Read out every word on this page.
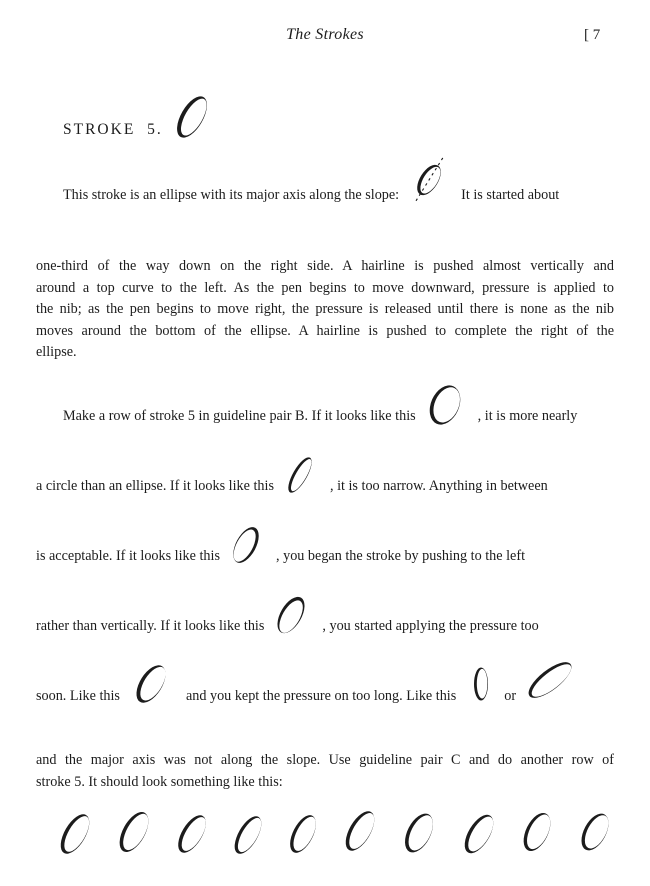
The Strokes	[ 7
STROKE 5.
This stroke is an ellipse with its major axis along the slope:	It is started about
one-third of the way down on the right side. A hairline is pushed almost vertically and
around a top curve to the left. As the pen begins to move downward, pressure is applied to
the nib; as the pen begins to move right, the pressure is released until there is none as the nib
moves around the bottom of the ellipse. A hairline is pushed to complete the right of the
ellipse.
Make a row of stroke 5 in guideline pair B. If it looks like this	, it is more nearly
a circle than an ellipse. If it looks like this	, it is too narrow. Anything in between
is acceptable. If it looks like this	, you began the stroke by pushing to the left
rather than vertically. If it looks like this	, you started applying the pressure too
soon. Like this	and you kept the pressure on too long. Like this	or
and the major axis was not along the slope. Use guideline pair C and do another row of
stroke 5. It should look something like this:
